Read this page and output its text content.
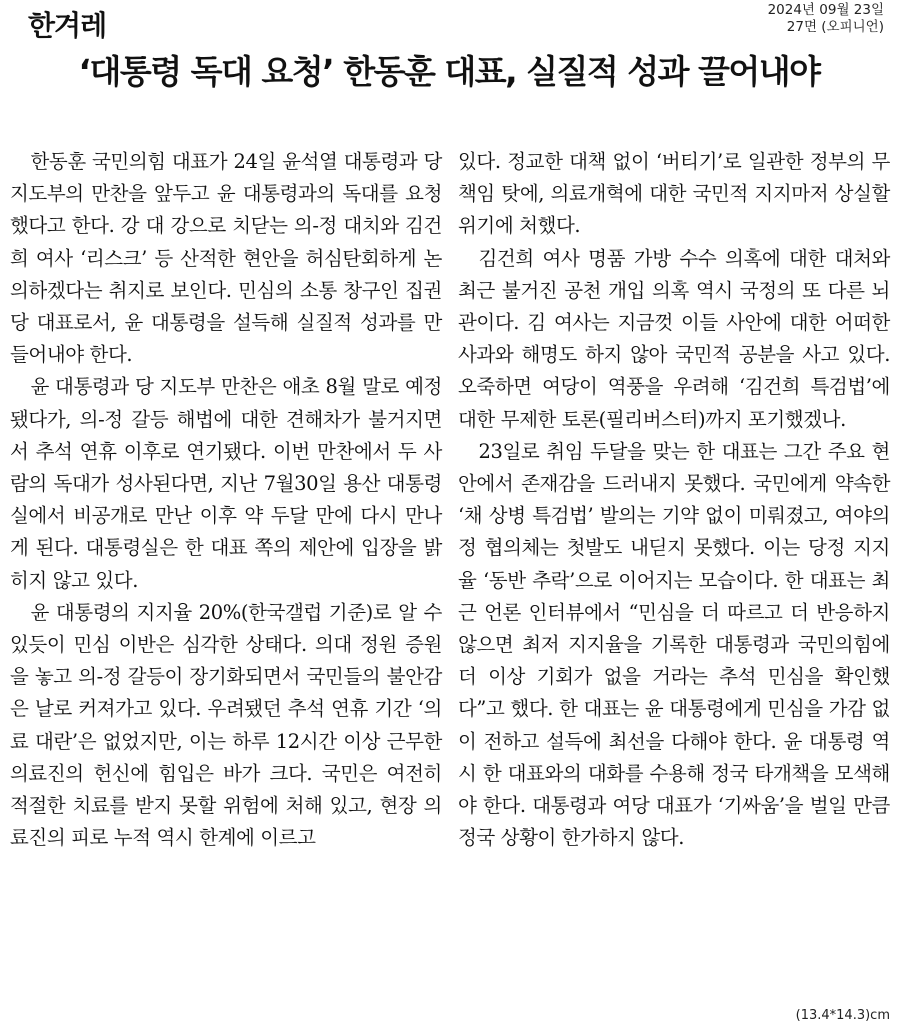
한겨레	2024년 09월 23일
27면 (오피니언)
‘대통령 독대 요청’ 한동훈 대표, 실질적 성과 끌어내야

한동훈 국민의힘 대표가 24일 윤석열 대통령과 당 지도부의 만찬을 앞두고 윤 대통령과의 독대를 요청했다고 한다. 강 대 강으로 치닫는 의-정 대치와 김건희 여사 ‘리스크’ 등 산적한 현안을 허심탄회하게 논의하겠다는 취지로 보인다. 민심의 소통 창구인 집권당 대표로서, 윤 대통령을 설득해 실질적 성과를 만들어내야 한다.

윤 대통령과 당 지도부 만찬은 애초 8월 말로 예정됐다가, 의-정 갈등 해법에 대한 견해차가 불거지면서 추석 연휴 이후로 연기됐다. 이번 만찬에서 두 사람의 독대가 성사된다면, 지난 7월30일 용산 대통령실에서 비공개로 만난 이후 약 두달 만에 다시 만나게 된다. 대통령실은 한 대표 쪽의 제안에 입장을 밝히지 않고 있다.

윤 대통령의 지지율 20%(한국갤럽 기준)로 알 수 있듯이 민심 이반은 심각한 상태다. 의대 정원 증원을 놓고 의-정 갈등이 장기화되면서 국민들의 불안감은 날로 커져가고 있다. 우려됐던 추석 연휴 기간 ‘의료 대란’은 없었지만, 이는 하루 12시간 이상 근무한 의료진의 헌신에 힘입은 바가 크다. 국민은 여전히 적절한 치료를 받지 못할 위험에 처해 있고, 현장 의료진의 피로 누적 역시 한계에 이르고

있다. 정교한 대책 없이 ‘버티기’로 일관한 정부의 무책임 탓에, 의료개혁에 대한 국민적 지지마저 상실할 위기에 처했다.

김건희 여사 명품 가방 수수 의혹에 대한 대처와 최근 불거진 공천 개입 의혹 역시 국정의 또 다른 뇌관이다. 김 여사는 지금껏 이들 사안에 대한 어떠한 사과와 해명도 하지 않아 국민적 공분을 사고 있다. 오죽하면 여당이 역풍을 우려해 ‘김건희 특검법’에 대한 무제한 토론(필리버스터)까지 포기했겠나.

23일로 취임 두달을 맞는 한 대표는 그간 주요 현안에서 존재감을 드러내지 못했다. 국민에게 약속한 ‘채 상병 특검법’ 발의는 기약 없이 미뤄졌고, 여야의정 협의체는 첫발도 내딛지 못했다. 이는 당정 지지율 ‘동반 추락’으로 이어지는 모습이다. 한 대표는 최근 언론 인터뷰에서 “민심을 더 따르고 더 반응하지 않으면 최저 지지율을 기록한 대통령과 국민의힘에 더 이상 기회가 없을 거라는 추석 민심을 확인했다”고 했다. 한 대표는 윤 대통령에게 민심을 가감 없이 전하고 설득에 최선을 다해야 한다. 윤 대통령 역시 한 대표와의 대화를 수용해 정국 타개책을 모색해야 한다. 대통령과 여당 대표가 ‘기싸움’을 벌일 만큼 정국 상황이 한가하지 않다.

(13.4*14.3)cm
